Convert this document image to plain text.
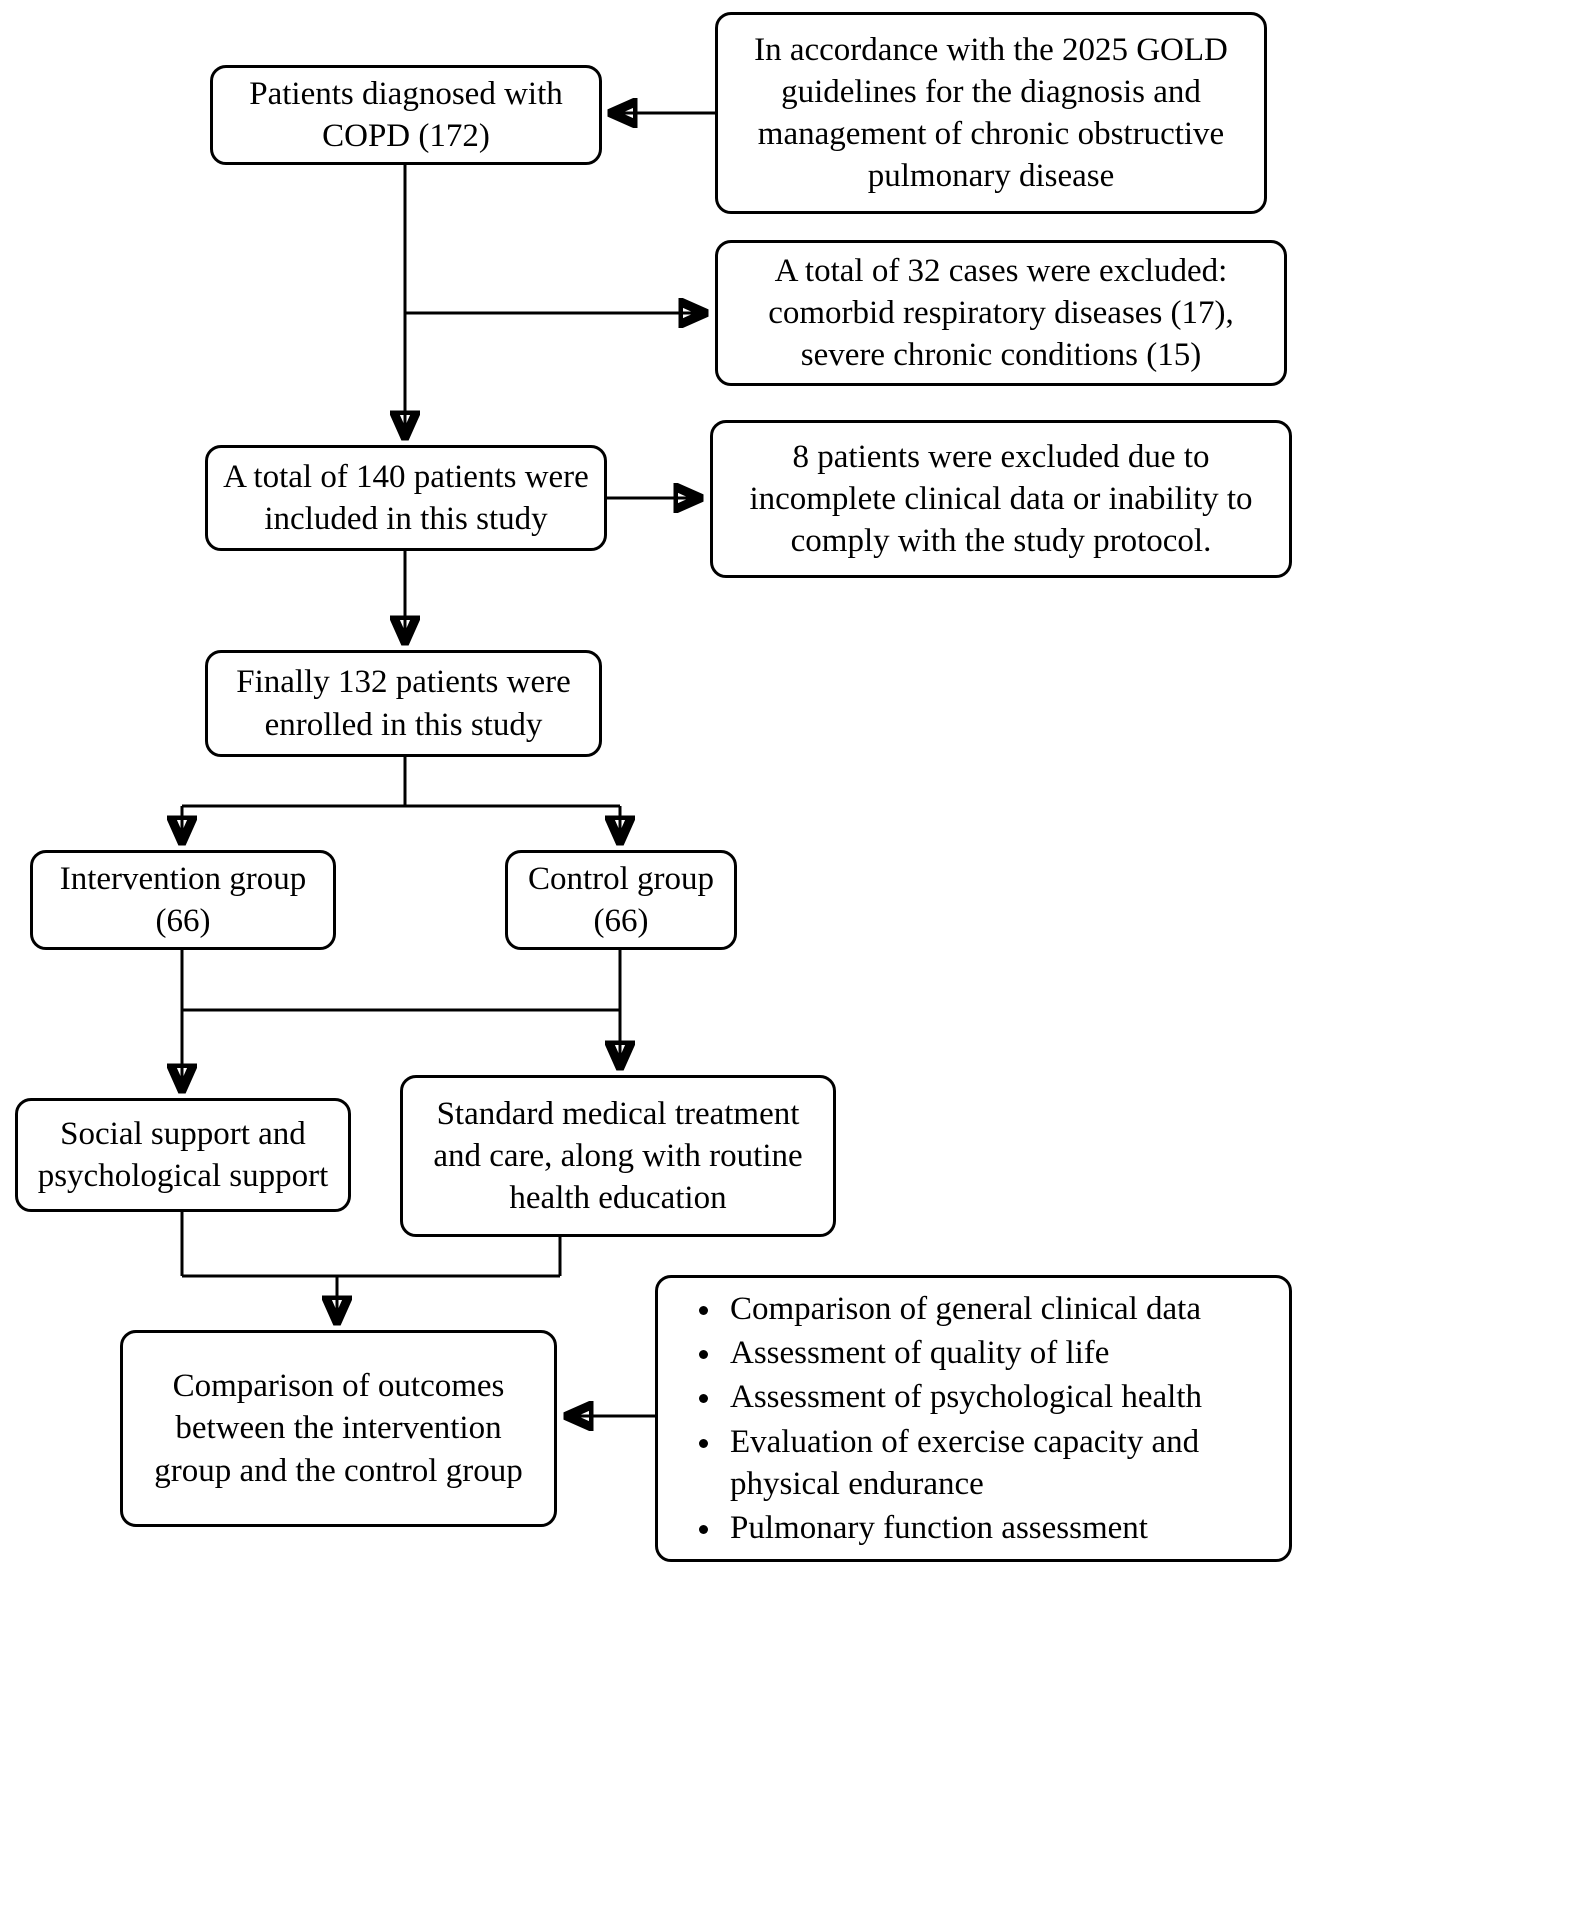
Patients diagnosed with COPD (172)
In accordance with the 2025 GOLD guidelines for the diagnosis and management of chronic obstructive pulmonary disease
A total of 32 cases were excluded: comorbid respiratory diseases (17), severe chronic conditions (15)
A total of 140 patients were included in this study
8 patients were excluded due to incomplete clinical data or inability to comply with the study protocol.
Finally 132 patients were enrolled in this study
Intervention group (66)
Control group (66)
Social support and psychological support
Standard medical treatment and care, along with routine health education
Comparison of outcomes between the intervention group and the control group
• Comparison of general clinical data
• Assessment of quality of life
• Assessment of psychological health
• Evaluation of exercise capacity and physical endurance
• Pulmonary function assessment
